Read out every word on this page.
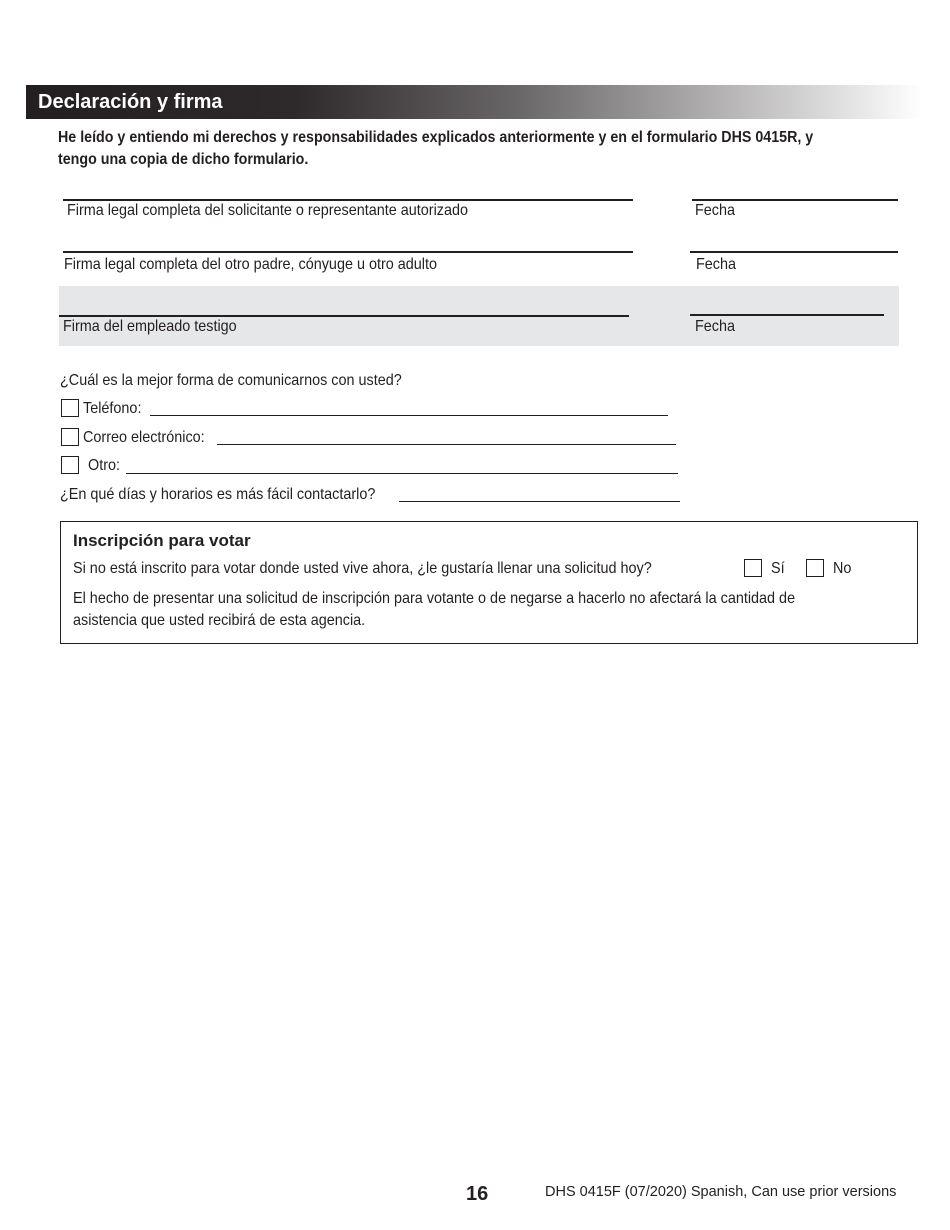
Declaración y firma
He leído y entiendo mi derechos y responsabilidades explicados anteriormente y en el formulario DHS 0415R, y tengo una copia de dicho formulario.
Firma legal completa del solicitante o representante autorizado	Fecha
Firma legal completa del otro padre, cónyuge u otro adulto	Fecha
Firma del empleado testigo	Fecha
¿Cuál es la mejor forma de comunicarnos con usted?
Teléfono:
Correo electrónico:
Otro:
¿En qué días y horarios es más fácil contactarlo?
Inscripción para votar
Si no está inscrito para votar donde usted vive ahora, ¿le gustaría llenar una solicitud hoy?	Sí	No
El hecho de presentar una solicitud de inscripción para votante o de negarse a hacerlo no afectará la cantidad de asistencia que usted recibirá de esta agencia.
16	DHS 0415F (07/2020) Spanish, Can use prior versions
